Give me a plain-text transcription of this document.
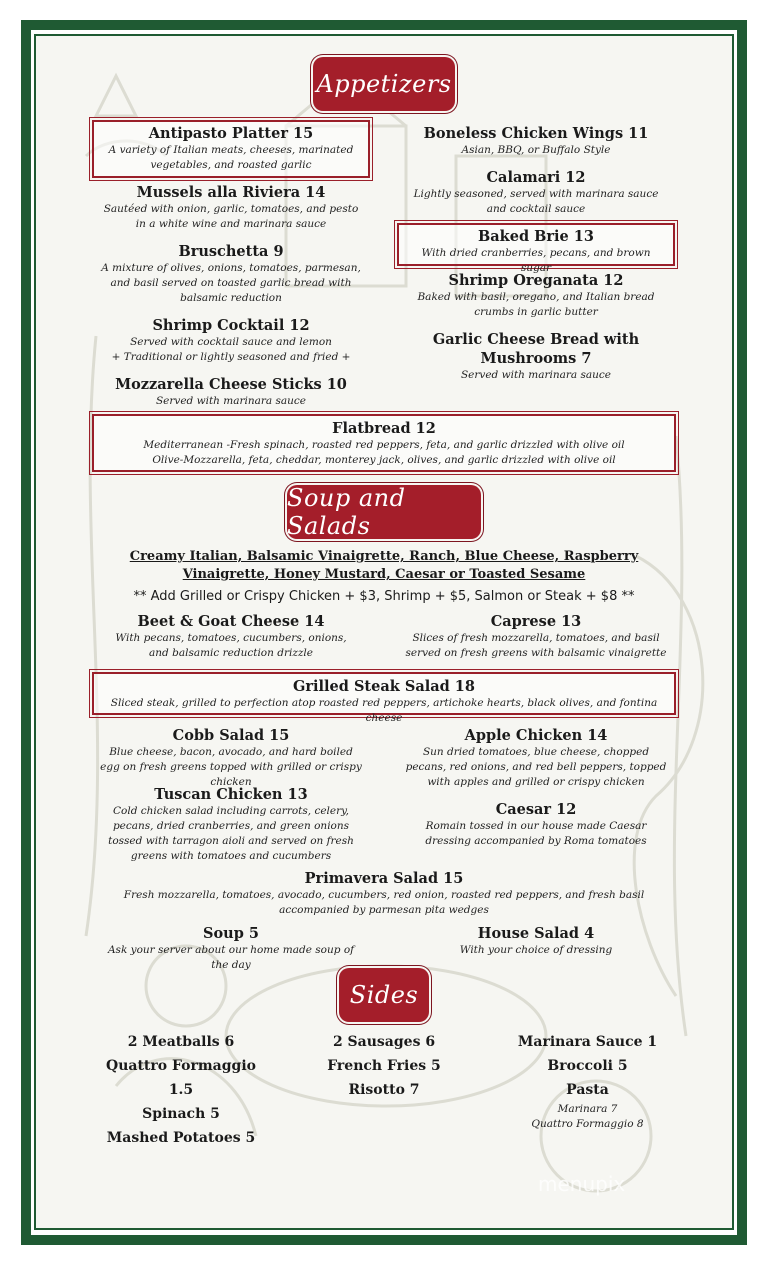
Appetizers
Antipasto Platter 15
A variety of Italian meats, cheeses, marinated vegetables, and roasted garlic
Mussels alla Riviera 14
Sautéed with onion, garlic, tomatoes, and pesto in a white wine and marinara sauce
Bruschetta 9
A mixture of olives, onions, tomatoes, parmesan, and basil served on toasted garlic bread with balsamic reduction
Shrimp Cocktail 12
Served with cocktail sauce and lemon
+ Traditional or lightly seasoned and fried +
Mozzarella Cheese Sticks 10
Served with marinara sauce
Boneless Chicken Wings 11
Asian, BBQ, or Buffalo Style
Calamari 12
Lightly seasoned, served with marinara sauce and cocktail sauce
Baked Brie 13
With dried cranberries, pecans, and brown sugar
Shrimp Oreganata 12
Baked with basil, oregano, and Italian bread crumbs in garlic butter
Garlic Cheese Bread with Mushrooms 7
Served with marinara sauce
Flatbread 12
Mediterranean -Fresh spinach, roasted red peppers, feta, and garlic drizzled with olive oil
Olive-Mozzarella, feta, cheddar, monterey jack, olives, and garlic drizzled with olive oil
Soup and Salads
Creamy Italian, Balsamic Vinaigrette, Ranch, Blue Cheese, Raspberry Vinaigrette, Honey Mustard, Caesar or Toasted Sesame
** Add Grilled or Crispy Chicken + $3, Shrimp + $5, Salmon or Steak + $8 **
Beet & Goat Cheese 14
With pecans, tomatoes, cucumbers, onions, and balsamic reduction drizzle
Caprese 13
Slices of fresh mozzarella, tomatoes, and basil served on fresh greens with balsamic vinaigrette
Grilled Steak Salad 18
Sliced steak, grilled to perfection atop roasted red peppers, artichoke hearts, black olives, and fontina cheese
Cobb Salad 15
Blue cheese, bacon, avocado, and hard boiled egg on fresh greens topped with grilled or crispy chicken
Apple Chicken 14
Sun dried tomatoes, blue cheese, chopped pecans, red onions, and red bell peppers, topped with apples and grilled or crispy chicken
Tuscan Chicken 13
Cold chicken salad including carrots, celery, pecans, dried cranberries, and green onions tossed with tarragon aioli and served on fresh greens with tomatoes and cucumbers
Caesar 12
Romain tossed in our house made Caesar dressing accompanied by Roma tomatoes
Primavera Salad 15
Fresh mozzarella, tomatoes, avocado, cucumbers, red onion, roasted red peppers, and fresh basil accompanied by parmesan pita wedges
Soup 5
Ask your server about our home made soup of the day
House Salad 4
With your choice of dressing
Sides
2 Meatballs 6
Quattro Formaggio 1.5
Spinach 5
Mashed Potatoes 5
2 Sausages 6
French Fries 5
Risotto 7
Marinara Sauce 1
Broccoli 5
Pasta
Marinara 7
Quattro Formaggio 8
menupix
